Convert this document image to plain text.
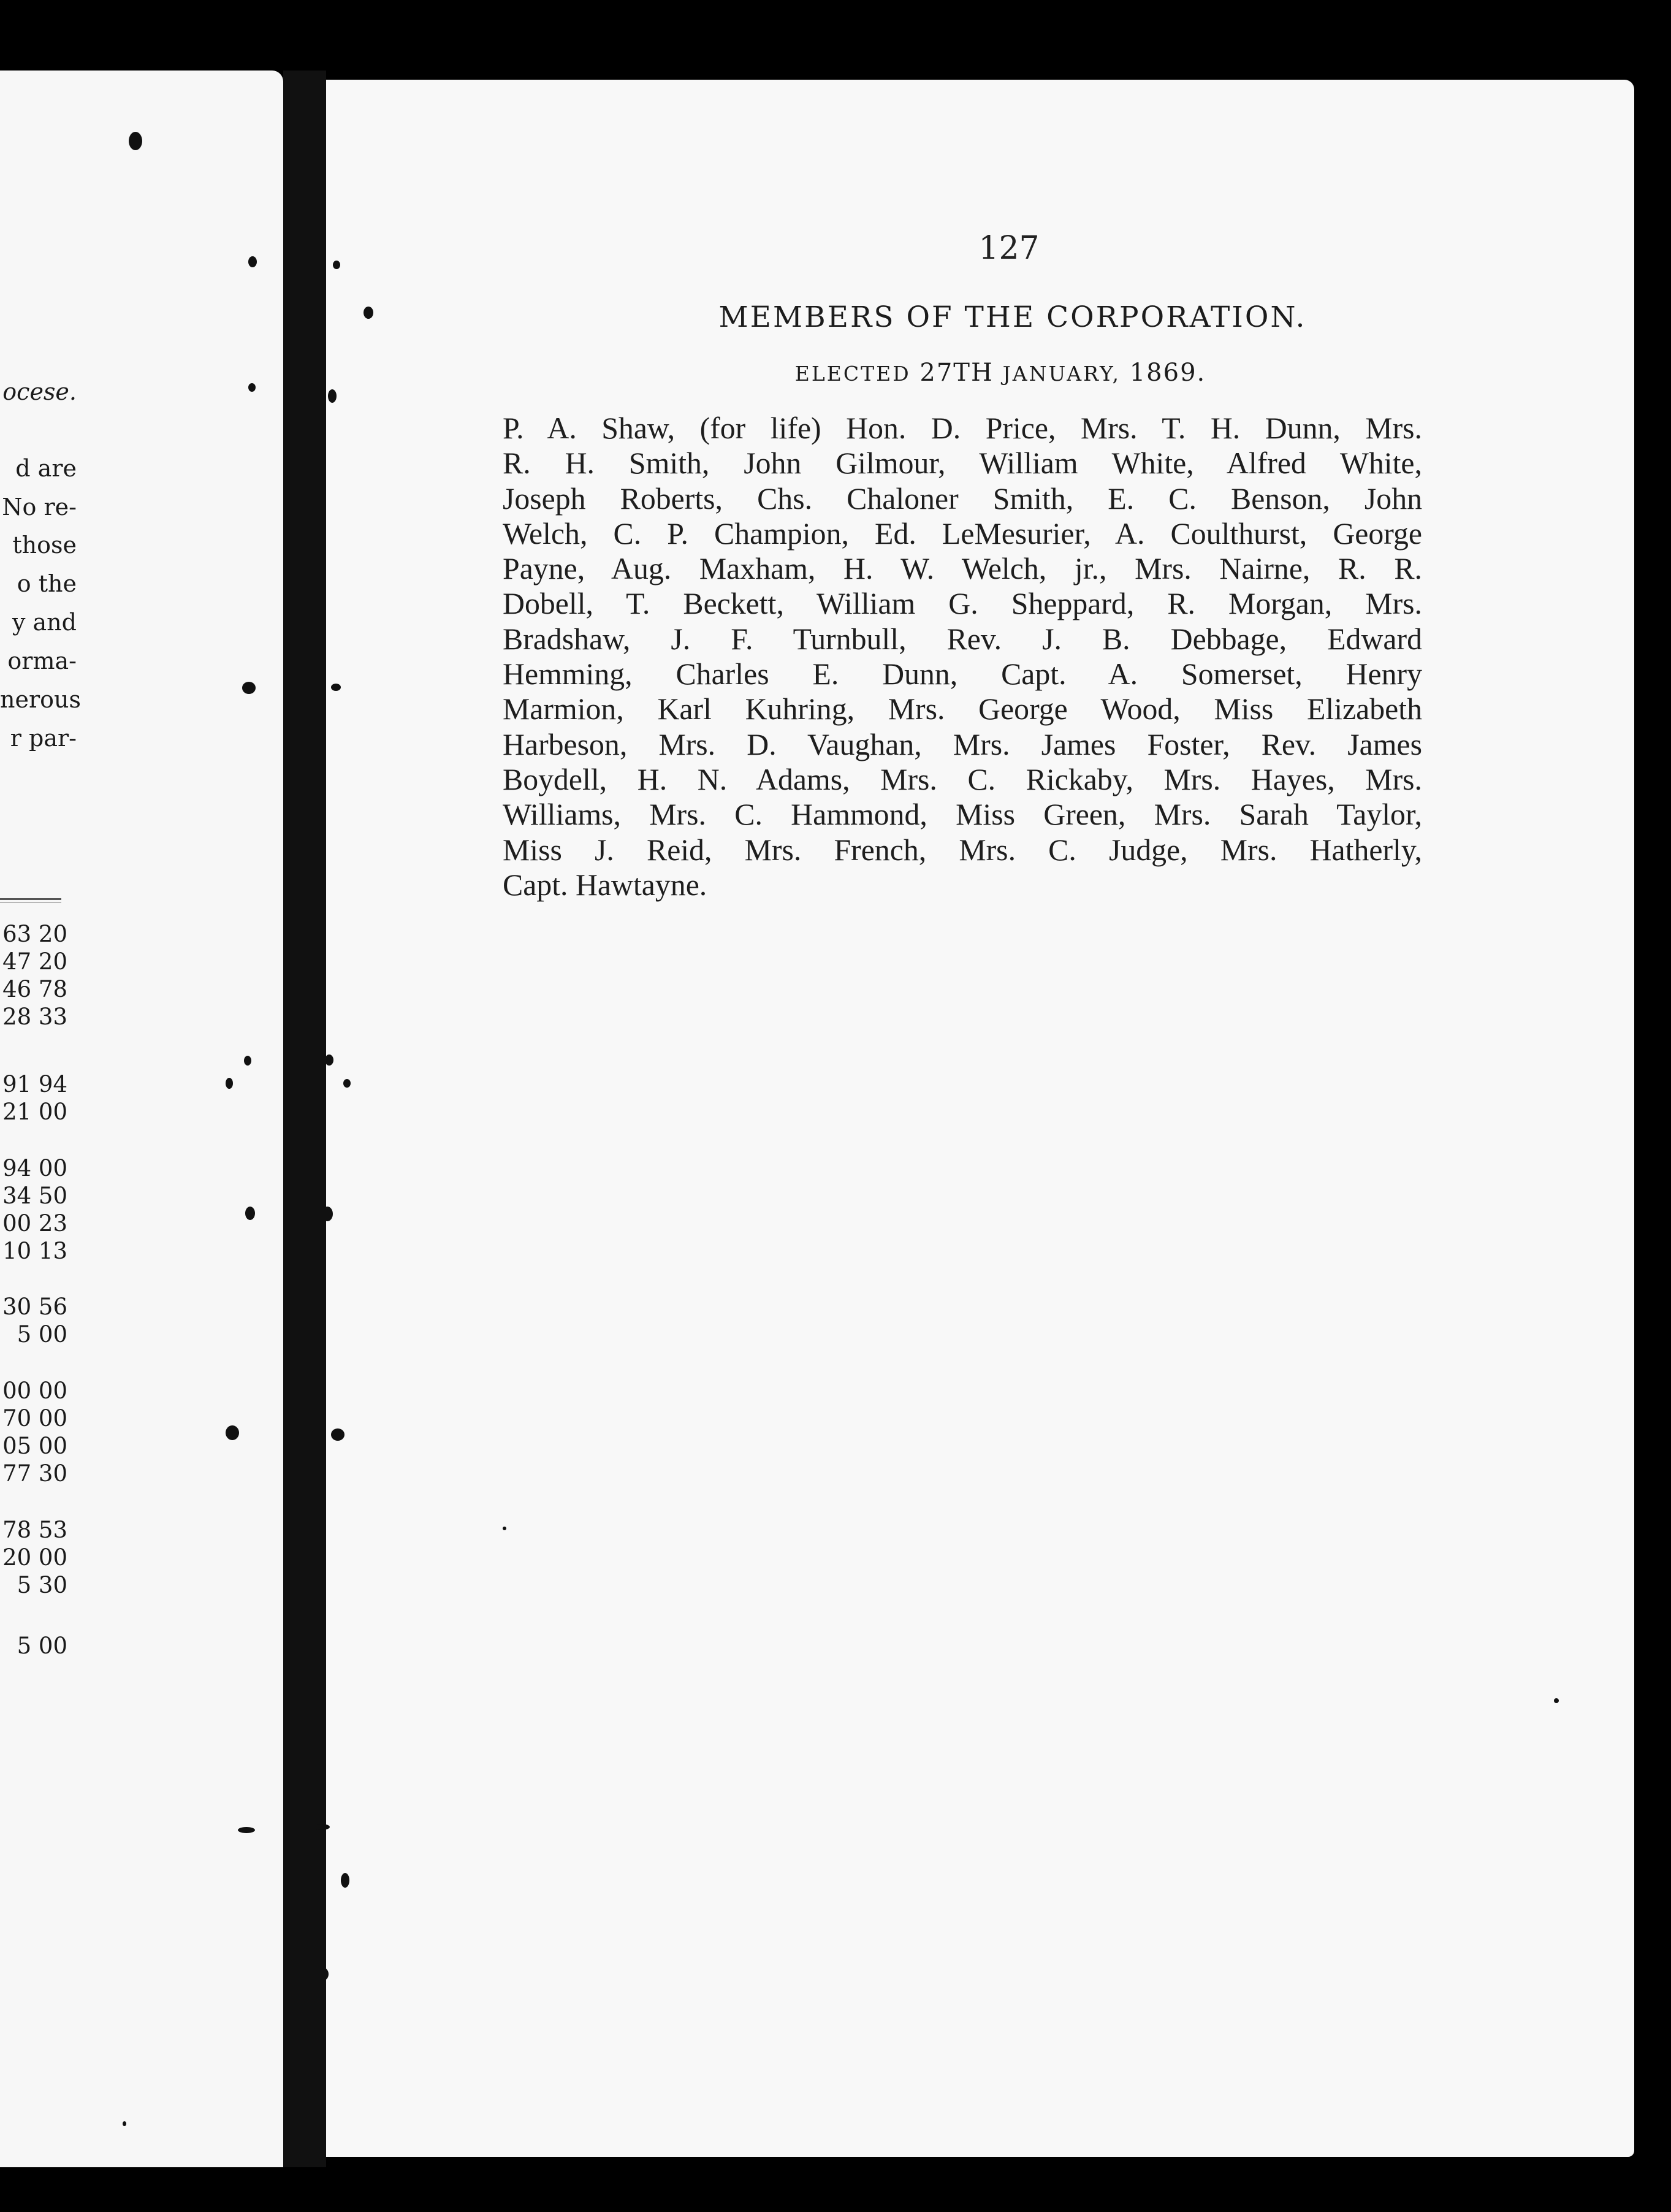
ocese.
d are
No re-
those
o the
y and
orma-
nerous
r par-
63 20
47 20
46 78
28 33
91 94
21 00
94 00
34 50
00 23
10 13
30 56
5 00
00 00
70 00
05 00
77 30
78 53
20 00
5 30
5 00
127
MEMBERS OF THE CORPORATION.
ELECTED 27TH JANUARY, 1869.
P. A. Shaw, (for life) Hon. D. Price, Mrs. T. H. Dunn, Mrs.
R. H. Smith, John Gilmour, William White, Alfred White,
Joseph Roberts, Chs. Chaloner Smith, E. C. Benson, John
Welch, C. P. Champion, Ed. LeMesurier, A. Coulthurst, George
Payne, Aug. Maxham, H. W. Welch, jr., Mrs. Nairne, R. R.
Dobell, T. Beckett, William G. Sheppard, R. Morgan, Mrs.
Bradshaw, J. F. Turnbull, Rev. J. B. Debbage, Edward
Hemming, Charles E. Dunn, Capt. A. Somerset, Henry
Marmion, Karl Kuhring, Mrs. George Wood, Miss Elizabeth
Harbeson, Mrs. D. Vaughan, Mrs. James Foster, Rev. James
Boydell, H. N. Adams, Mrs. C. Rickaby, Mrs. Hayes, Mrs.
Williams, Mrs. C. Hammond, Miss Green, Mrs. Sarah Taylor,
Miss J. Reid, Mrs. French, Mrs. C. Judge, Mrs. Hatherly,
Capt. Hawtayne.
